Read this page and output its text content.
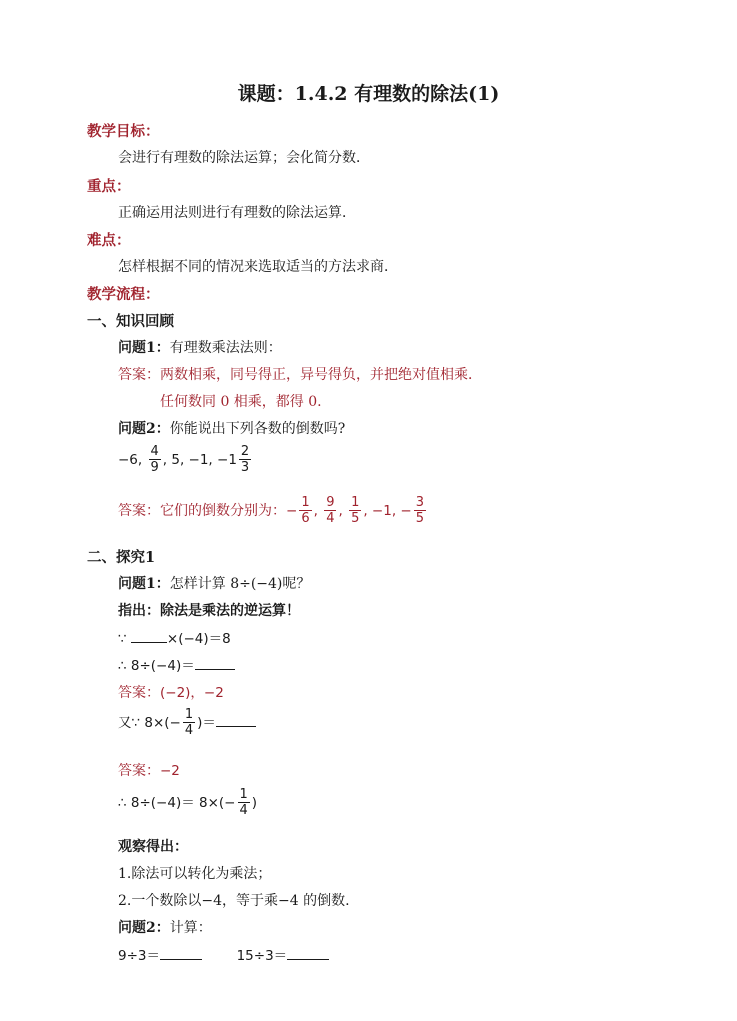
课题：1.4.2 有理数的除法(1)
教学目标：
会进行有理数的除法运算；会化简分数．
重点：
正确运用法则进行有理数的除法运算．
难点：
怎样根据不同的情况来选取适当的方法求商．
教学流程：
一、知识回顾
问题1：有理数乘法法则：
答案：两数相乘，同号得正，异号得负，并把绝对值相乘．
任何数同 0 相乘，都得 0.
问题2：你能说出下列各数的倒数吗?
−6, $\frac{4}{9}$ , 5, −1, $-1 \frac{2}{3}$
答案：它们的倒数分别为：− $\frac{1}{6}$ , $\frac{9}{4}$ , $\frac{1}{5}$ , −1, − $\frac{3}{5}$
二、探究1
问题1：怎样计算 8÷(−4)呢？
指出：除法是乘法的逆运算！
∵	×(−4)＝8
∴ 8÷(−4)＝
答案：(−2)，−2
又∵ $8\times(- \frac{1}{4}$ )＝
答案：−2
∴ $8\div(-4)= 8\times(- \frac{1}{4}$ )
观察得出：
1.除法可以转化为乘法；
2.一个数除以−4，等于乘−4 的倒数.
问题2：计算：
9÷3＝	15÷3＝
